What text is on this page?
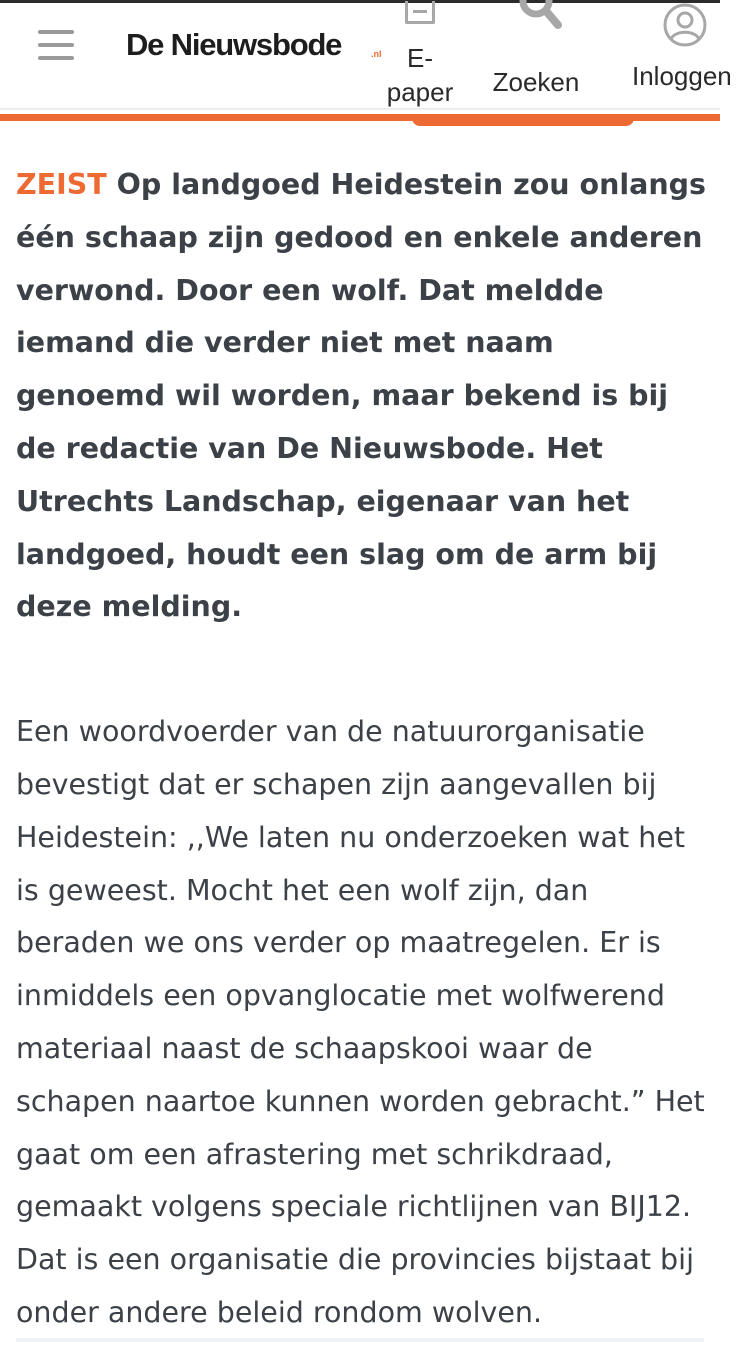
De Nieuwsbode	.nl E-
paper Zoeken Inloggen

ZEIST Op landgoed Heidestein zou onlangs één schaap zijn gedood en enkele anderen verwond. Door een wolf. Dat meldde iemand die verder niet met naam genoemd wil worden, maar bekend is bij de redactie van De Nieuwsbode. Het Utrechts Landschap, eigenaar van het landgoed, houdt een slag om de arm bij deze melding.

Een woordvoerder van de natuurorganisatie bevestigt dat er schapen zijn aangevallen bij Heidestein: ,,We laten nu onderzoeken wat het is geweest. Mocht het een wolf zijn, dan beraden we ons verder op maatregelen. Er is inmiddels een opvanglocatie met wolfwerend materiaal naast de schaapskooi waar de schapen naartoe kunnen worden gebracht.” Het gaat om een afrastering met schrikdraad, gemaakt volgens speciale richtlijnen van BIJ12. Dat is een organisatie die provincies bijstaat bij onder andere beleid rondom wolven.
